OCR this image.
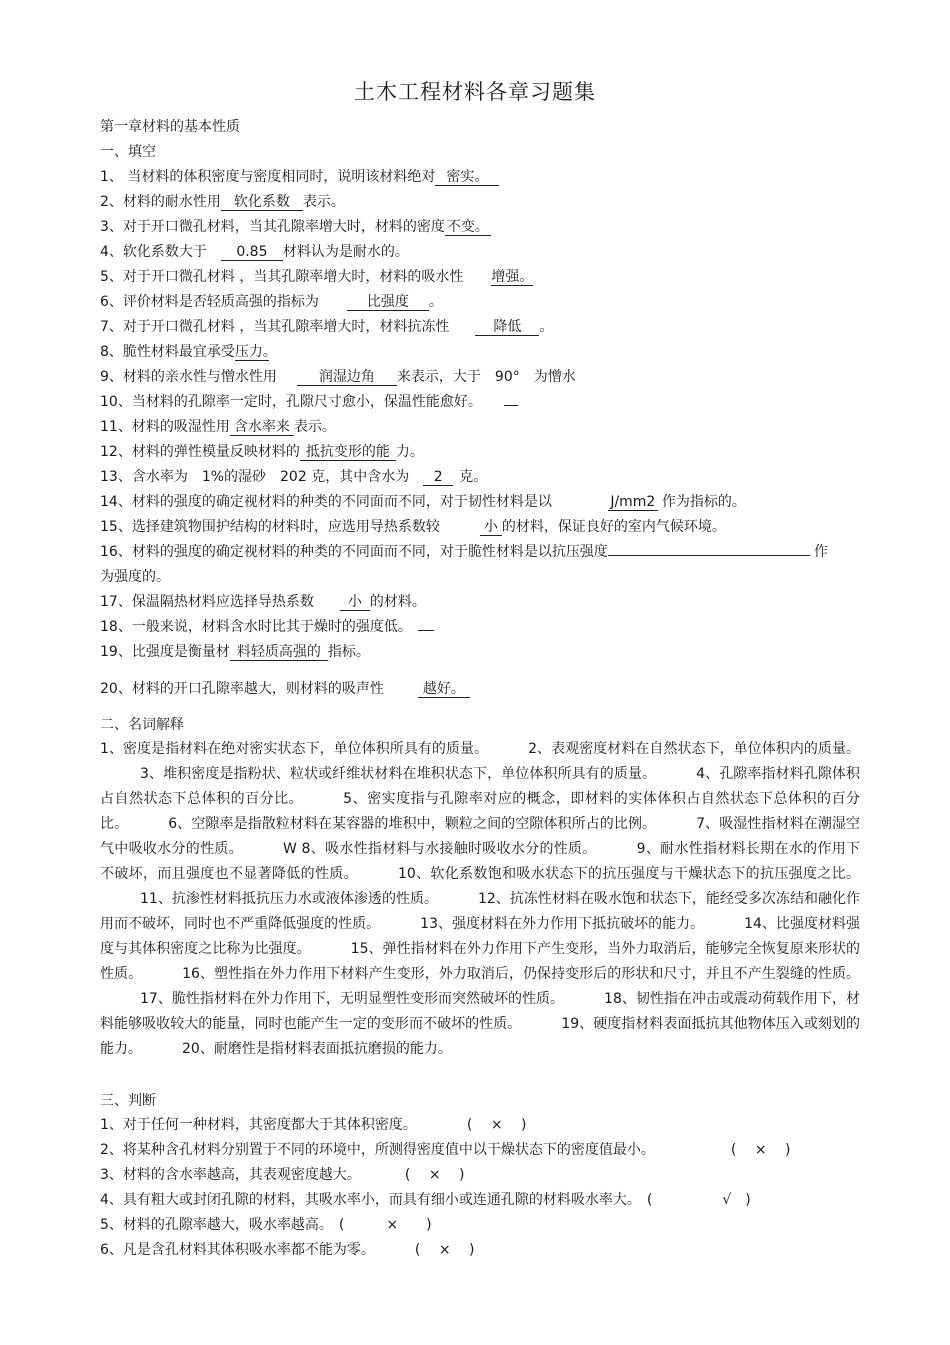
土木工程材料各章习题集
第一章材料的基本性质
一、填空
1、 当材料的体积密度与密度相同时，说明该材料绝对 密实。
2、材料的耐水性用 软化系数 表示。
3、对于开口微孔材料，当其孔隙率增大时，材料的密度 不变。
4、软化系数大于 0.85 材料认为是耐水的。
5、对于开口微孔材料 ，当其孔隙率增大时，材料的吸水性 增强。
6、评价材料是否轻质高强的指标为	比强度 。
7、对于开口微孔材料 ，当其孔隙率增大时，材料抗冻性	降低 。
8、脆性材料最宜承受压力。
9、材料的亲水性与憎水性用	润湿边角 来表示，大于　90°　为憎水
10、当材料的孔隙率一定时，孔隙尺寸愈小，保温性能愈好。
11、材料的吸湿性用 含水率来 表示。
12、材料的弹性模量反映材料的 抵抗变形的能 力。
13、含水率为　1%的湿砂　202 克，其中含水为 2 克。
14、材料的强度的确定视材料的种类的不同面而不同，对于韧性材料是以	J/mm2 作为指标的。
15、选择建筑物围护结构的材料时，应选用导热系数较	小 的材料，保证良好的室内气候环境。
16、材料的强度的确定视材料的种类的不同面而不同，对于脆性材料是以抗压强度	作
为强度的。
17、保温隔热材料应选择导热系数 小 的材料。
18、一般来说，材料含水时比其于燥时的强度低。
19、比强度是衡量材 料轻质高强的 指标。
20、材料的开口孔隙率越大，则材料的吸声性	越好。
二、名词解释
1、密度是指材料在绝对密实状态下，单位体积所具有的质量。	2、表观密度材料在自然状态下，单位体积内的质量。3、堆积密度是指粉状、粒状或纤维状材料在堆积状态下，单位体积所具有的质量。	4、孔隙率指材料孔隙体积占自然状态下总体积的百分比。	5、密实度指与孔隙率对应的概念，即材料的实体体积占自然状态下总体积的百分比。	6、空隙率是指散粒材料在某容器的堆积中，颗粒之间的空隙体积所占的比例。	7、吸湿性指材料在潮湿空气中吸收水分的性质。	W 8、吸水性指材料与水接触时吸收水分的性质。	9、耐水性指材料长期在水的作用下不破坏，而且强度也不显著降低的性质。	10、软化系数饱和吸水状态下的抗压强度与干燥状态下的抗压强度之比。11、抗渗性材料抵抗压力水或液体渗透的性质。	12、抗冻性材料在吸水饱和状态下，能经受多次冻结和融化作用而不破坏，同时也不严重降低强度的性质。	13、强度材料在外力作用下抵抗破坏的能力。	14、比强度材料强度与其体积密度之比称为比强度。	15、弹性指材料在外力作用下产生变形，当外力取消后，能够完全恢复原来形状的性质。	16、塑性指在外力作用下材料产生变形，外力取消后，仍保持变形后的形状和尺寸，并且不产生裂缝的性质。17、脆性指材料在外力作用下，无明显塑性变形而突然破坏的性质。	18、韧性指在冲击或震动荷载作用下，材料能够吸收较大的能量，同时也能产生一定的变形而不破坏的性质。	19、硬度指材料表面抵抗其他物体压入或刻划的能力。	20、耐磨性是指材料表面抵抗磨损的能力。
三、判断
1、对于任何一种材料，其密度都大于其体积密度。	( 　×　 )
2、将某种含孔材料分别置于不同的环境中，所测得密度值中以干燥状态下的密度值最小。	( 　×　 )
3、材料的含水率越高，其表观密度越大。	( 　×　 )
4、具有粗大或封闭孔隙的材料，其吸水率小，而具有细小或连通孔隙的材料吸水率大。 (　　　　　√　)
5、材料的孔隙率越大，吸水率越高。 (　　　×　　)
6、凡是含孔材料其体积吸水率都不能为零。	( 　×　 )
